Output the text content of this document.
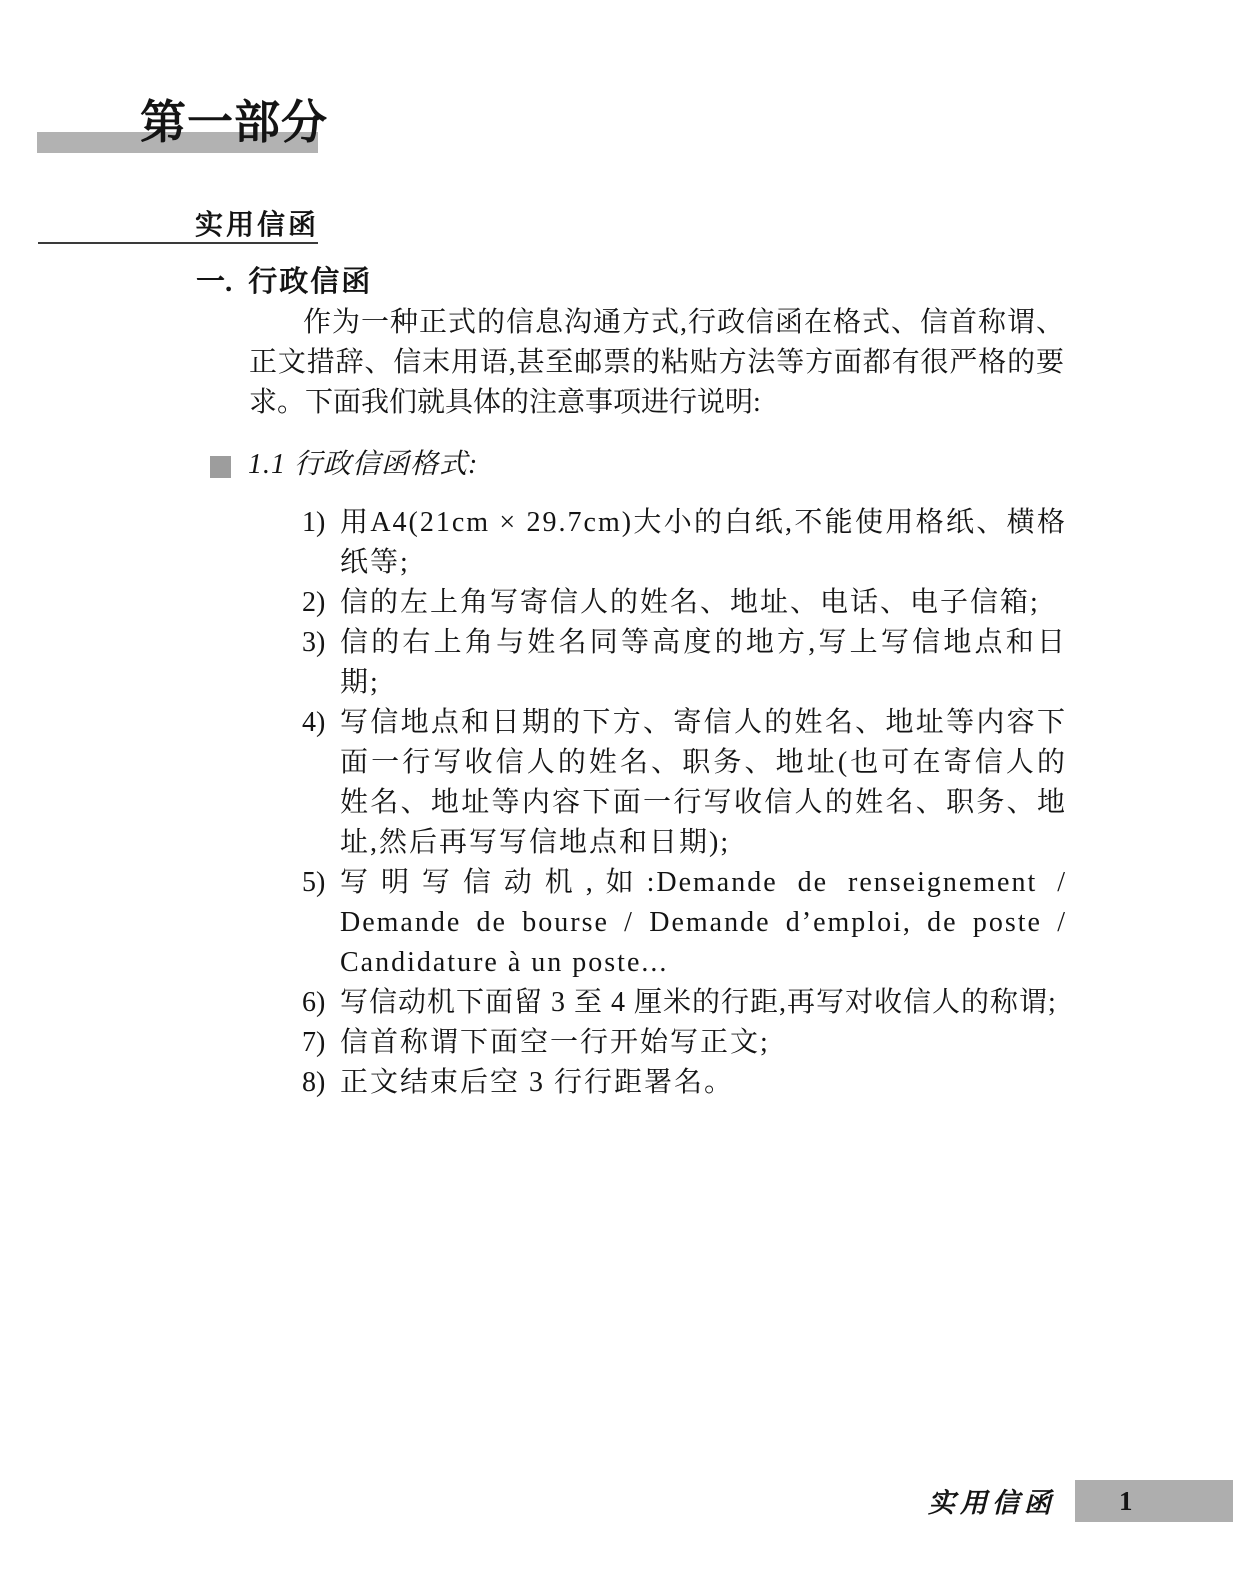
第一部分
实用信函
一. 行政信函

作为一种正式的信息沟通方式,行政信函在格式、信首称谓、正文措辞、信末用语,甚至邮票的粘贴方法等方面都有很严格的要求。下面我们就具体的注意事项进行说明:

1.1 行政信函格式:
1) 用A4(21cm × 29.7cm)大小的白纸,不能使用格纸、横格纸等;
2) 信的左上角写寄信人的姓名、地址、电话、电子信箱;
3) 信的右上角与姓名同等高度的地方,写上写信地点和日期;
4) 写信地点和日期的下方、寄信人的姓名、地址等内容下面一行写收信人的姓名、职务、地址(也可在寄信人的姓名、地址等内容下面一行写收信人的姓名、职务、地址,然后再写写信地点和日期);
5) 写明写信动机,如:Demande de renseignement / Demande de bourse / Demande d’emploi, de poste / Candidature à un poste...
6) 写信动机下面留 3 至 4 厘米的行距,再写对收信人的称谓;
7) 信首称谓下面空一行开始写正文;
8) 正文结束后空 3 行行距署名。
实用信函 1
